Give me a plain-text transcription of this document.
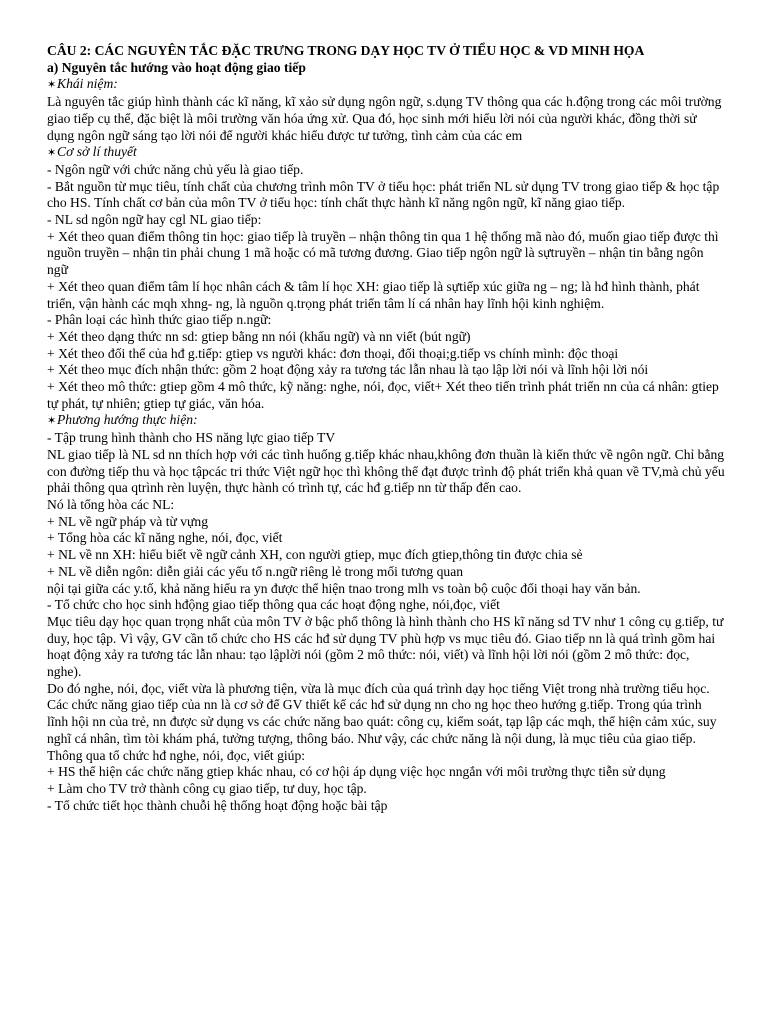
CÂU 2: CÁC NGUYÊN TẮC ĐẶC TRƯNG TRONG DẠY HỌC TV Ở TIỂU HỌC & VD MINH HỌA

a) Nguyên tắc hướng vào hoạt động giao tiếp

✶Khái niệm:

Là nguyên tắc giúp hình thành các kĩ năng, kĩ xảo sử dụng ngôn ngữ, s.dụng TV thông qua các h.động trong các môi trường giao tiếp cụ thể, đặc biệt là môi trường văn hóa ứng xử. Qua đó, học sinh mới hiểu lời nói của người khác, đồng thời sử dụng ngôn ngữ sáng tạo lời nói để người khác hiểu được tư tưởng, tình cảm của các em

✶Cơ sở lí thuyết

- Ngôn ngữ với chức năng chủ yếu là giao tiếp.

- Bắt nguồn từ mục tiêu, tính chất của chương trình môn TV ở tiểu học: phát triển NL sử dụng TV trong giao tiếp & học tập cho HS. Tính chất cơ bản của môn TV ở tiểu học: tính chất thực hành kĩ năng ngôn ngữ, kĩ năng giao tiếp.

- NL sd ngôn ngữ hay cgl NL giao tiếp:

+ Xét theo quan điểm thông tin học: giao tiếp là truyền – nhận thông tin qua 1 hệ thống mã nào đó, muốn giao tiếp được thì nguồn truyền – nhận tin phải chung 1 mã hoặc có mã tương đương. Giao tiếp ngôn ngữ là sựtruyền – nhận tin bằng ngôn ngữ

+ Xét theo quan điểm tâm lí học nhân cách & tâm lí học XH: giao tiếp là sựtiếp xúc giữa ng – ng; là hđ hình thành, phát triển, vận hành các mqh xhng- ng, là nguồn q.trọng phát triển tâm lí cá nhân hay lĩnh hội kinh nghiệm.

- Phân loại các hình thức giao tiếp n.ngữ:

+ Xét theo dạng thức nn sd: gtiep bằng nn nói (khẩu ngữ) và nn viết (bút ngữ)

+ Xét theo đối thể của hđ g.tiếp: gtiep vs người khác: đơn thoại, đối thoại;g.tiếp vs chính mình: độc thoại

+ Xét theo mục đích nhận thức: gồm 2 hoạt động xảy ra tương tác lẫn nhau là tạo lập lời nói và lĩnh hội lời nói

+ Xét theo mô thức: gtiep gồm 4 mô thức, kỹ năng: nghe, nói, đọc, viết+ Xét theo tiến trình phát triển nn của cá nhân: gtiep tự phát, tự nhiên; gtiep tự giác, văn hóa.

✶Phương hướng thực hiện:

- Tập trung hình thành cho HS năng lực giao tiếp TV

NL giao tiếp là NL sd nn thích hợp với các tình huống g.tiếp khác nhau,không đơn thuần là kiến thức về ngôn ngữ. Chỉ bằng con đường tiếp thu và học tậpcác tri thức Việt ngữ học thì không thể đạt được trình độ phát triển khả quan về TV,mà chủ yếu phải thông qua qtrình rèn luyện, thực hành có trình tự, các hđ g.tiếp nn từ thấp đến cao.

Nó là tổng hòa các NL:

+ NL về ngữ pháp và từ vựng

+ Tổng hòa các kĩ năng nghe, nói, đọc, viết

+ NL về nn XH: hiểu biết về ngữ cảnh XH, con người gtiep, mục đích gtiep,thông tin được chia sẻ

+ NL về diễn ngôn: diễn giải các yếu tố n.ngữ riêng lẻ trong mối tương quan

nội tại giữa các y.tố, khả năng hiểu ra yn được thể hiện tnao trong mlh vs toàn bộ cuộc đối thoại hay văn bản.

- Tổ chức cho học sinh hđộng giao tiếp thông qua các hoạt động nghe, nói,đọc, viết

Mục tiêu dạy học quan trọng nhất của môn TV ở bậc phổ thông là hình thành cho HS kĩ năng sd TV như 1 công cụ g.tiếp, tư duy, học tập. Vì vậy, GV cần tổ chức cho HS các hđ sử dụng TV phù hợp vs mục tiêu đó. Giao tiếp nn là quá trình gồm hai hoạt động xảy ra tương tác lẫn nhau: tạo lậplời nói (gồm 2 mô thức: nói, viết) và lĩnh hội lời nói (gồm 2 mô thức: đọc, nghe).

Do đó nghe, nói, đọc, viết vừa là phương tiện, vừa là mục đích của quá trình dạy học tiếng Việt trong nhà trường tiểu học. Các chức năng giao tiếp của nn là cơ sở để GV thiết kế các hđ sử dụng nn cho ng học theo hướng g.tiếp. Trong qúa trình lĩnh hội nn của trẻ, nn được sử dụng vs các chức năng bao quát: công cụ, kiểm soát, tạp lập các mqh, thể hiện cảm xúc, suy nghĩ cá nhân, tìm tòi khám phá, tưởng tượng, thông báo. Như vậy, các chức năng là nội dung, là mục tiêu của giao tiếp.

Thông qua tổ chức hđ nghe, nói, đọc, viết giúp:

+ HS thể hiện các chức năng gtiep khác nhau, có cơ hội áp dụng việc học nngắn với môi trường thực tiễn sử dụng

+ Làm cho TV trở thành công cụ giao tiếp, tư duy, học tập.

- Tổ chức tiết học thành chuỗi hệ thống hoạt động hoặc bài tập
